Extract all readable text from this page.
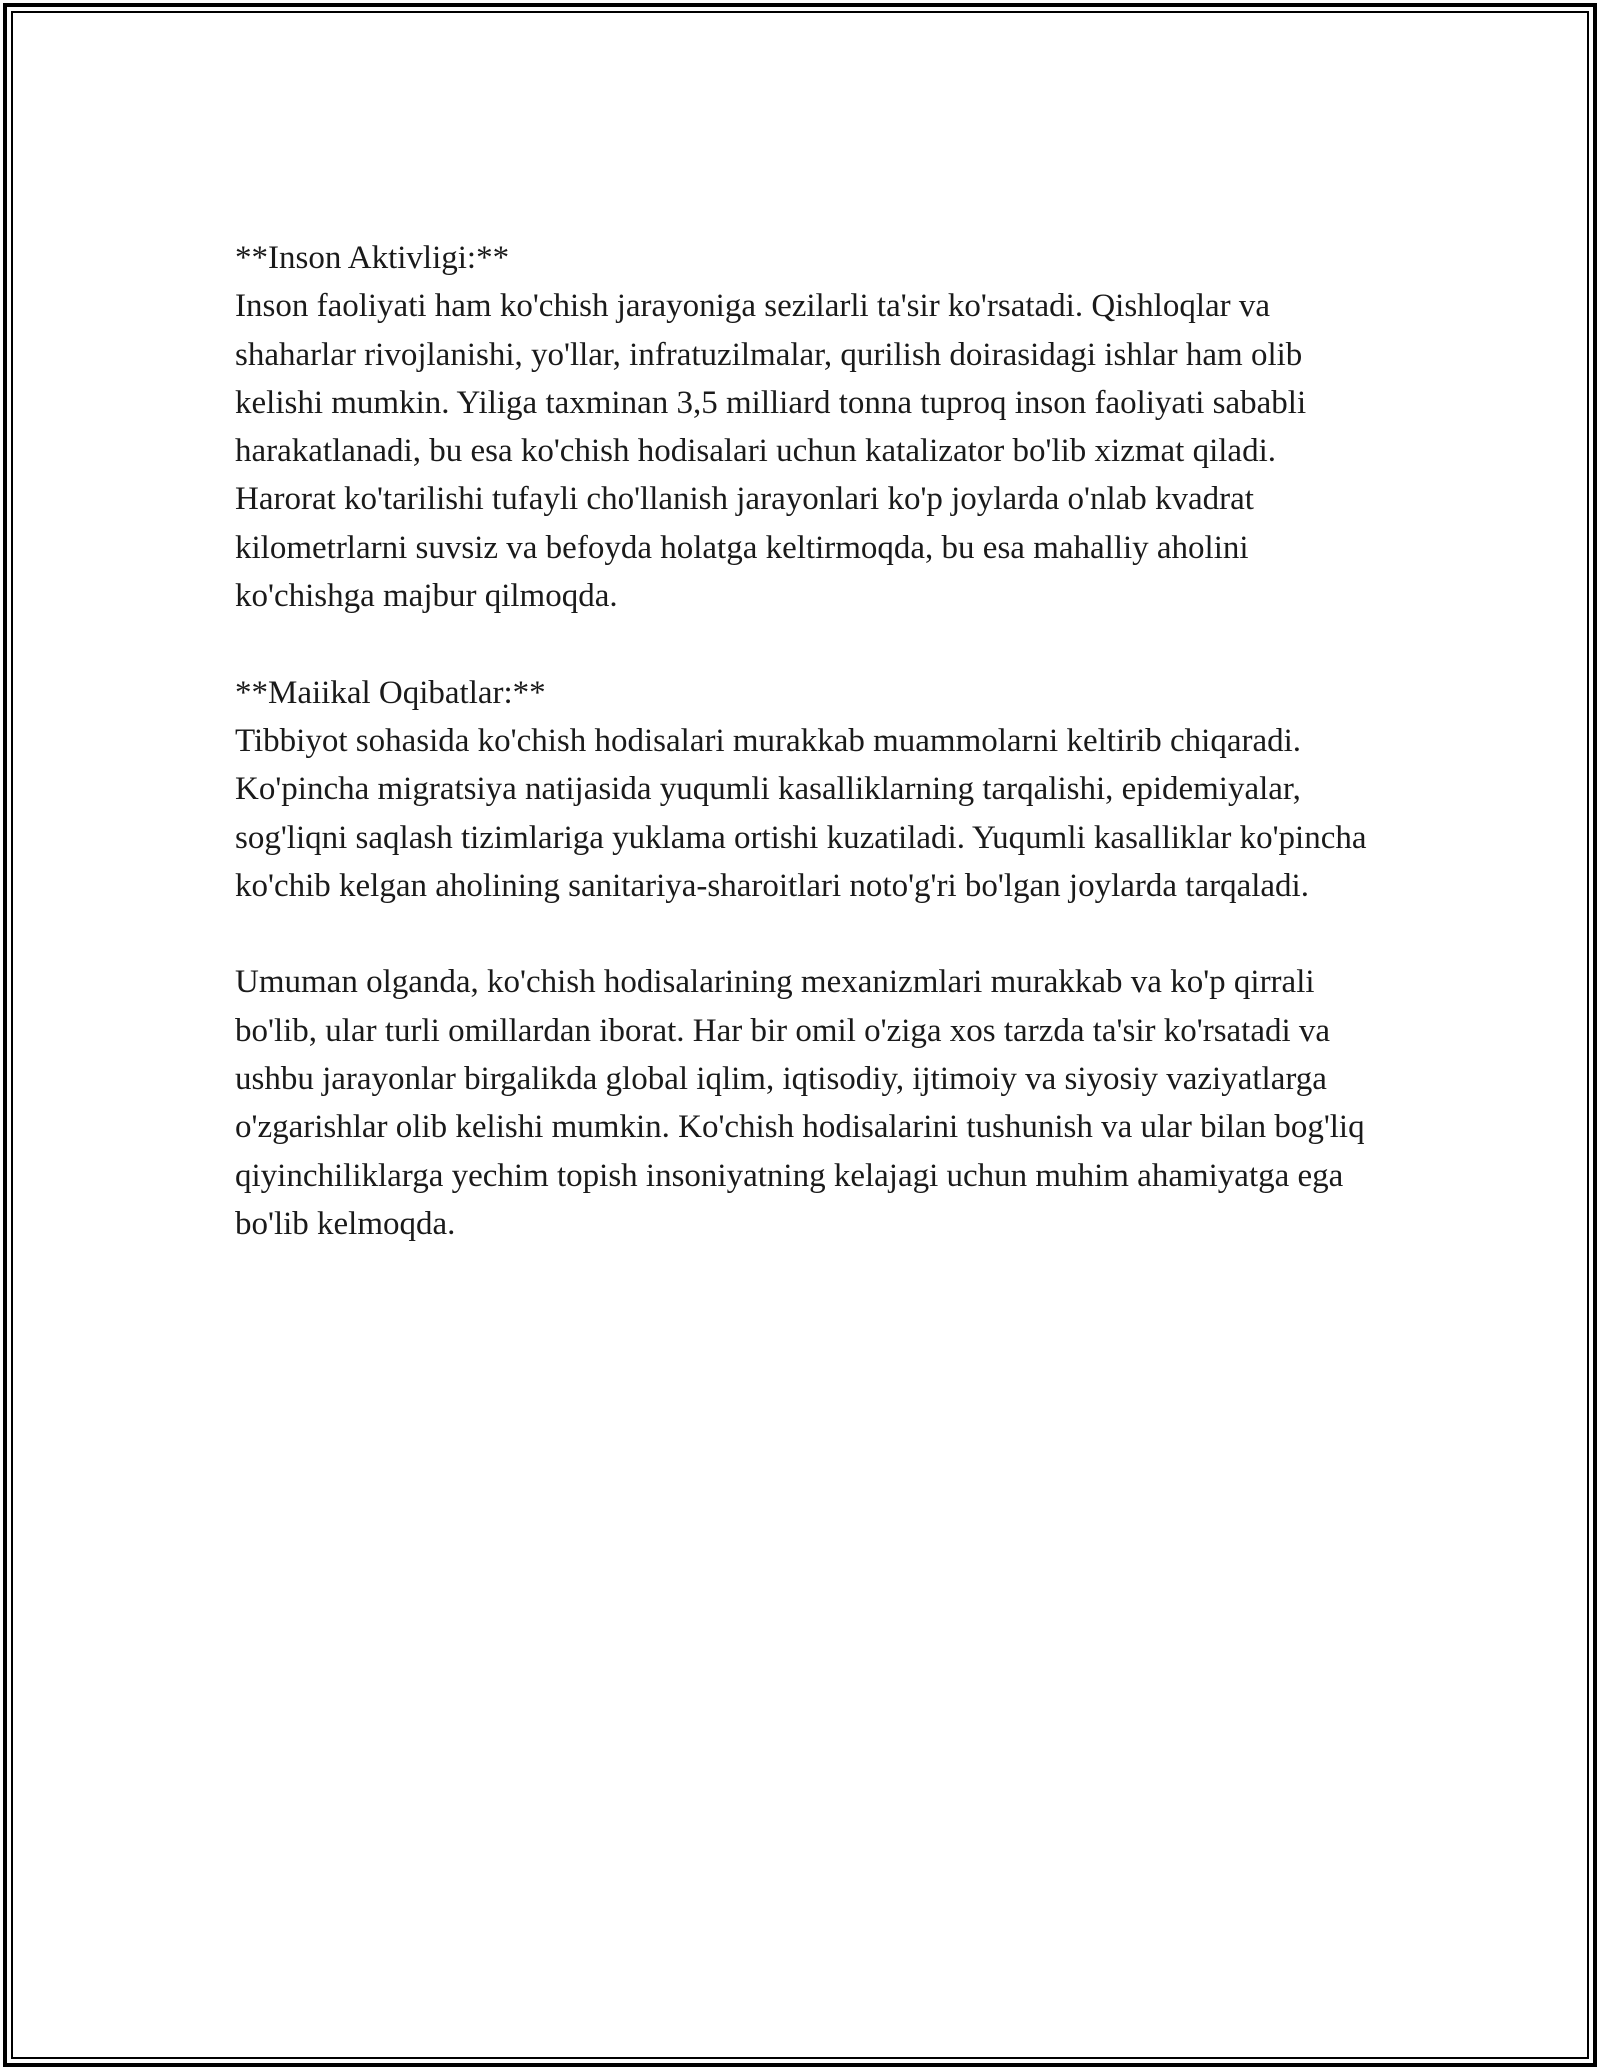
**Inson Aktivligi:**

Inson faoliyati ham ko'chish jarayoniga sezilarli ta'sir ko'rsatadi. Qishloqlar va shaharlar rivojlanishi, yo'llar, infratuzilmalar, qurilish doirasidagi ishlar ham olib kelishi mumkin. Yiliga taxminan 3,5 milliard tonna tuproq inson faoliyati sababli harakatlanadi, bu esa ko'chish hodisalari uchun katalizator bo'lib xizmat qiladi. Harorat ko'tarilishi tufayli cho'llanish jarayonlari ko'p joylarda o'nlab kvadrat kilometrlarni suvsiz va befoyda holatga keltirmoqda, bu esa mahalliy aholini ko'chishga majbur qilmoqda.

**Maiikal Oqibatlar:**

Tibbiyot sohasida ko'chish hodisalari murakkab muammolarni keltirib chiqaradi. Ko'pincha migratsiya natijasida yuqumli kasalliklarning tarqalishi, epidemiyalar, sog'liqni saqlash tizimlariga yuklama ortishi kuzatiladi. Yuqumli kasalliklar ko'pincha ko'chib kelgan aholining sanitariya-sharoitlari noto'g'ri bo'lgan joylarda tarqaladi.

Umuman olganda, ko'chish hodisalarining mexanizmlari murakkab va ko'p qirrali bo'lib, ular turli omillardan iborat. Har bir omil o'ziga xos tarzda ta'sir ko'rsatadi va ushbu jarayonlar birgalikda global iqlim, iqtisodiy, ijtimoiy va siyosiy vaziyatlarga o'zgarishlar olib kelishi mumkin. Ko'chish hodisalarini tushunish va ular bilan bog'liq qiyinchiliklarga yechim topish insoniyatning kelajagi uchun muhim ahamiyatga ega bo'lib kelmoqda.
